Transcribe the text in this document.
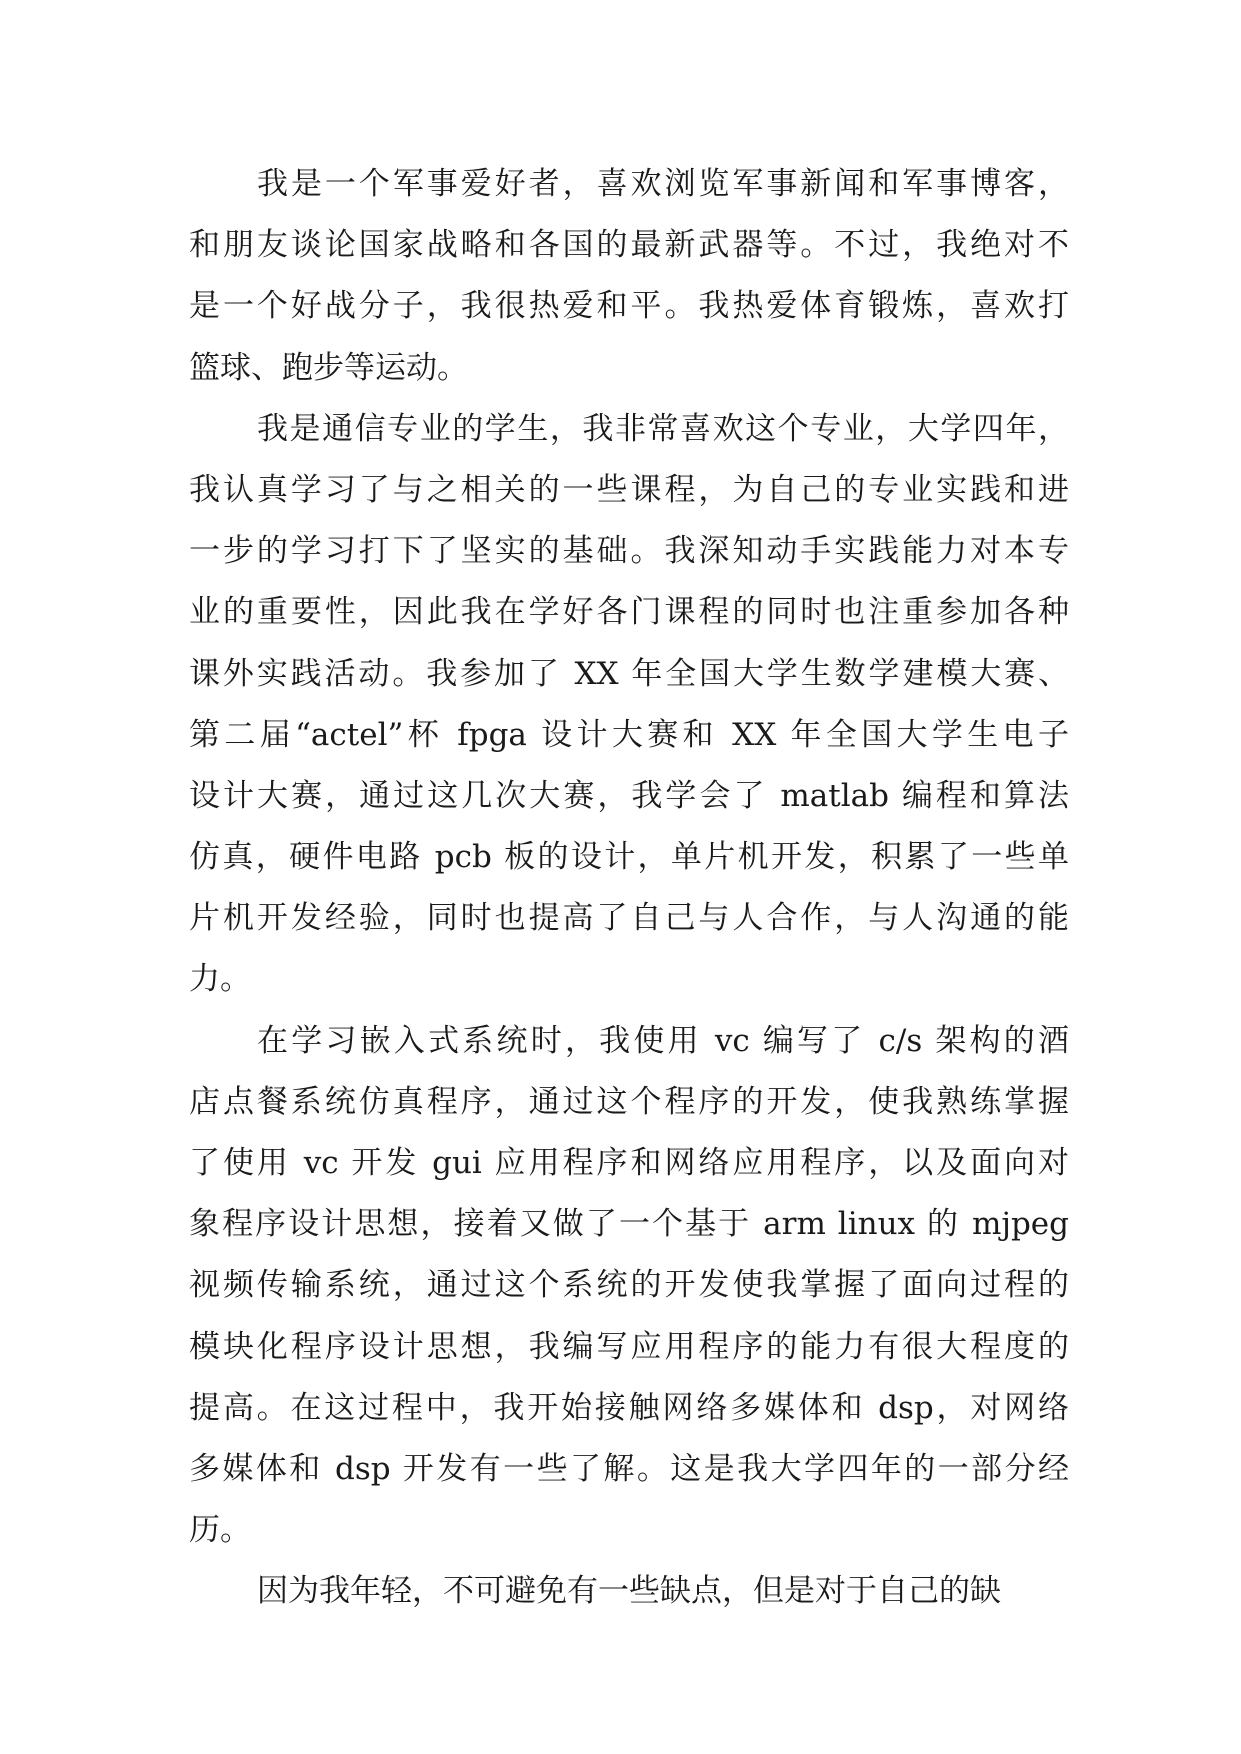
我是一个军事爱好者，喜欢浏览军事新闻和军事博客，
和朋友谈论国家战略和各国的最新武器等。不过，我绝对不
是一个好战分子，我很热爱和平。我热爱体育锻炼，喜欢打
篮球、跑步等运动。
我是通信专业的学生，我非常喜欢这个专业，大学四年，
我认真学习了与之相关的一些课程，为自己的专业实践和进
一步的学习打下了坚实的基础。我深知动手实践能力对本专
业的重要性，因此我在学好各门课程的同时也注重参加各种
课外实践活动。我参加了 XX 年全国大学生数学建模大赛、
第二届“actel”杯 fpga 设计大赛和 XX 年全国大学生电子
设计大赛，通过这几次大赛，我学会了 matlab 编程和算法
仿真，硬件电路 pcb 板的设计，单片机开发，积累了一些单
片机开发经验，同时也提高了自己与人合作，与人沟通的能
力。
在学习嵌入式系统时，我使用 vc 编写了 c/s 架构的酒
店点餐系统仿真程序，通过这个程序的开发，使我熟练掌握
了使用 vc 开发 gui 应用程序和网络应用程序，以及面向对
象程序设计思想，接着又做了一个基于 arm linux 的 mjpeg
视频传输系统，通过这个系统的开发使我掌握了面向过程的
模块化程序设计思想，我编写应用程序的能力有很大程度的
提高。在这过程中，我开始接触网络多媒体和 dsp，对网络
多媒体和 dsp 开发有一些了解。这是我大学四年的一部分经
历。
因为我年轻，不可避免有一些缺点，但是对于自己的缺
